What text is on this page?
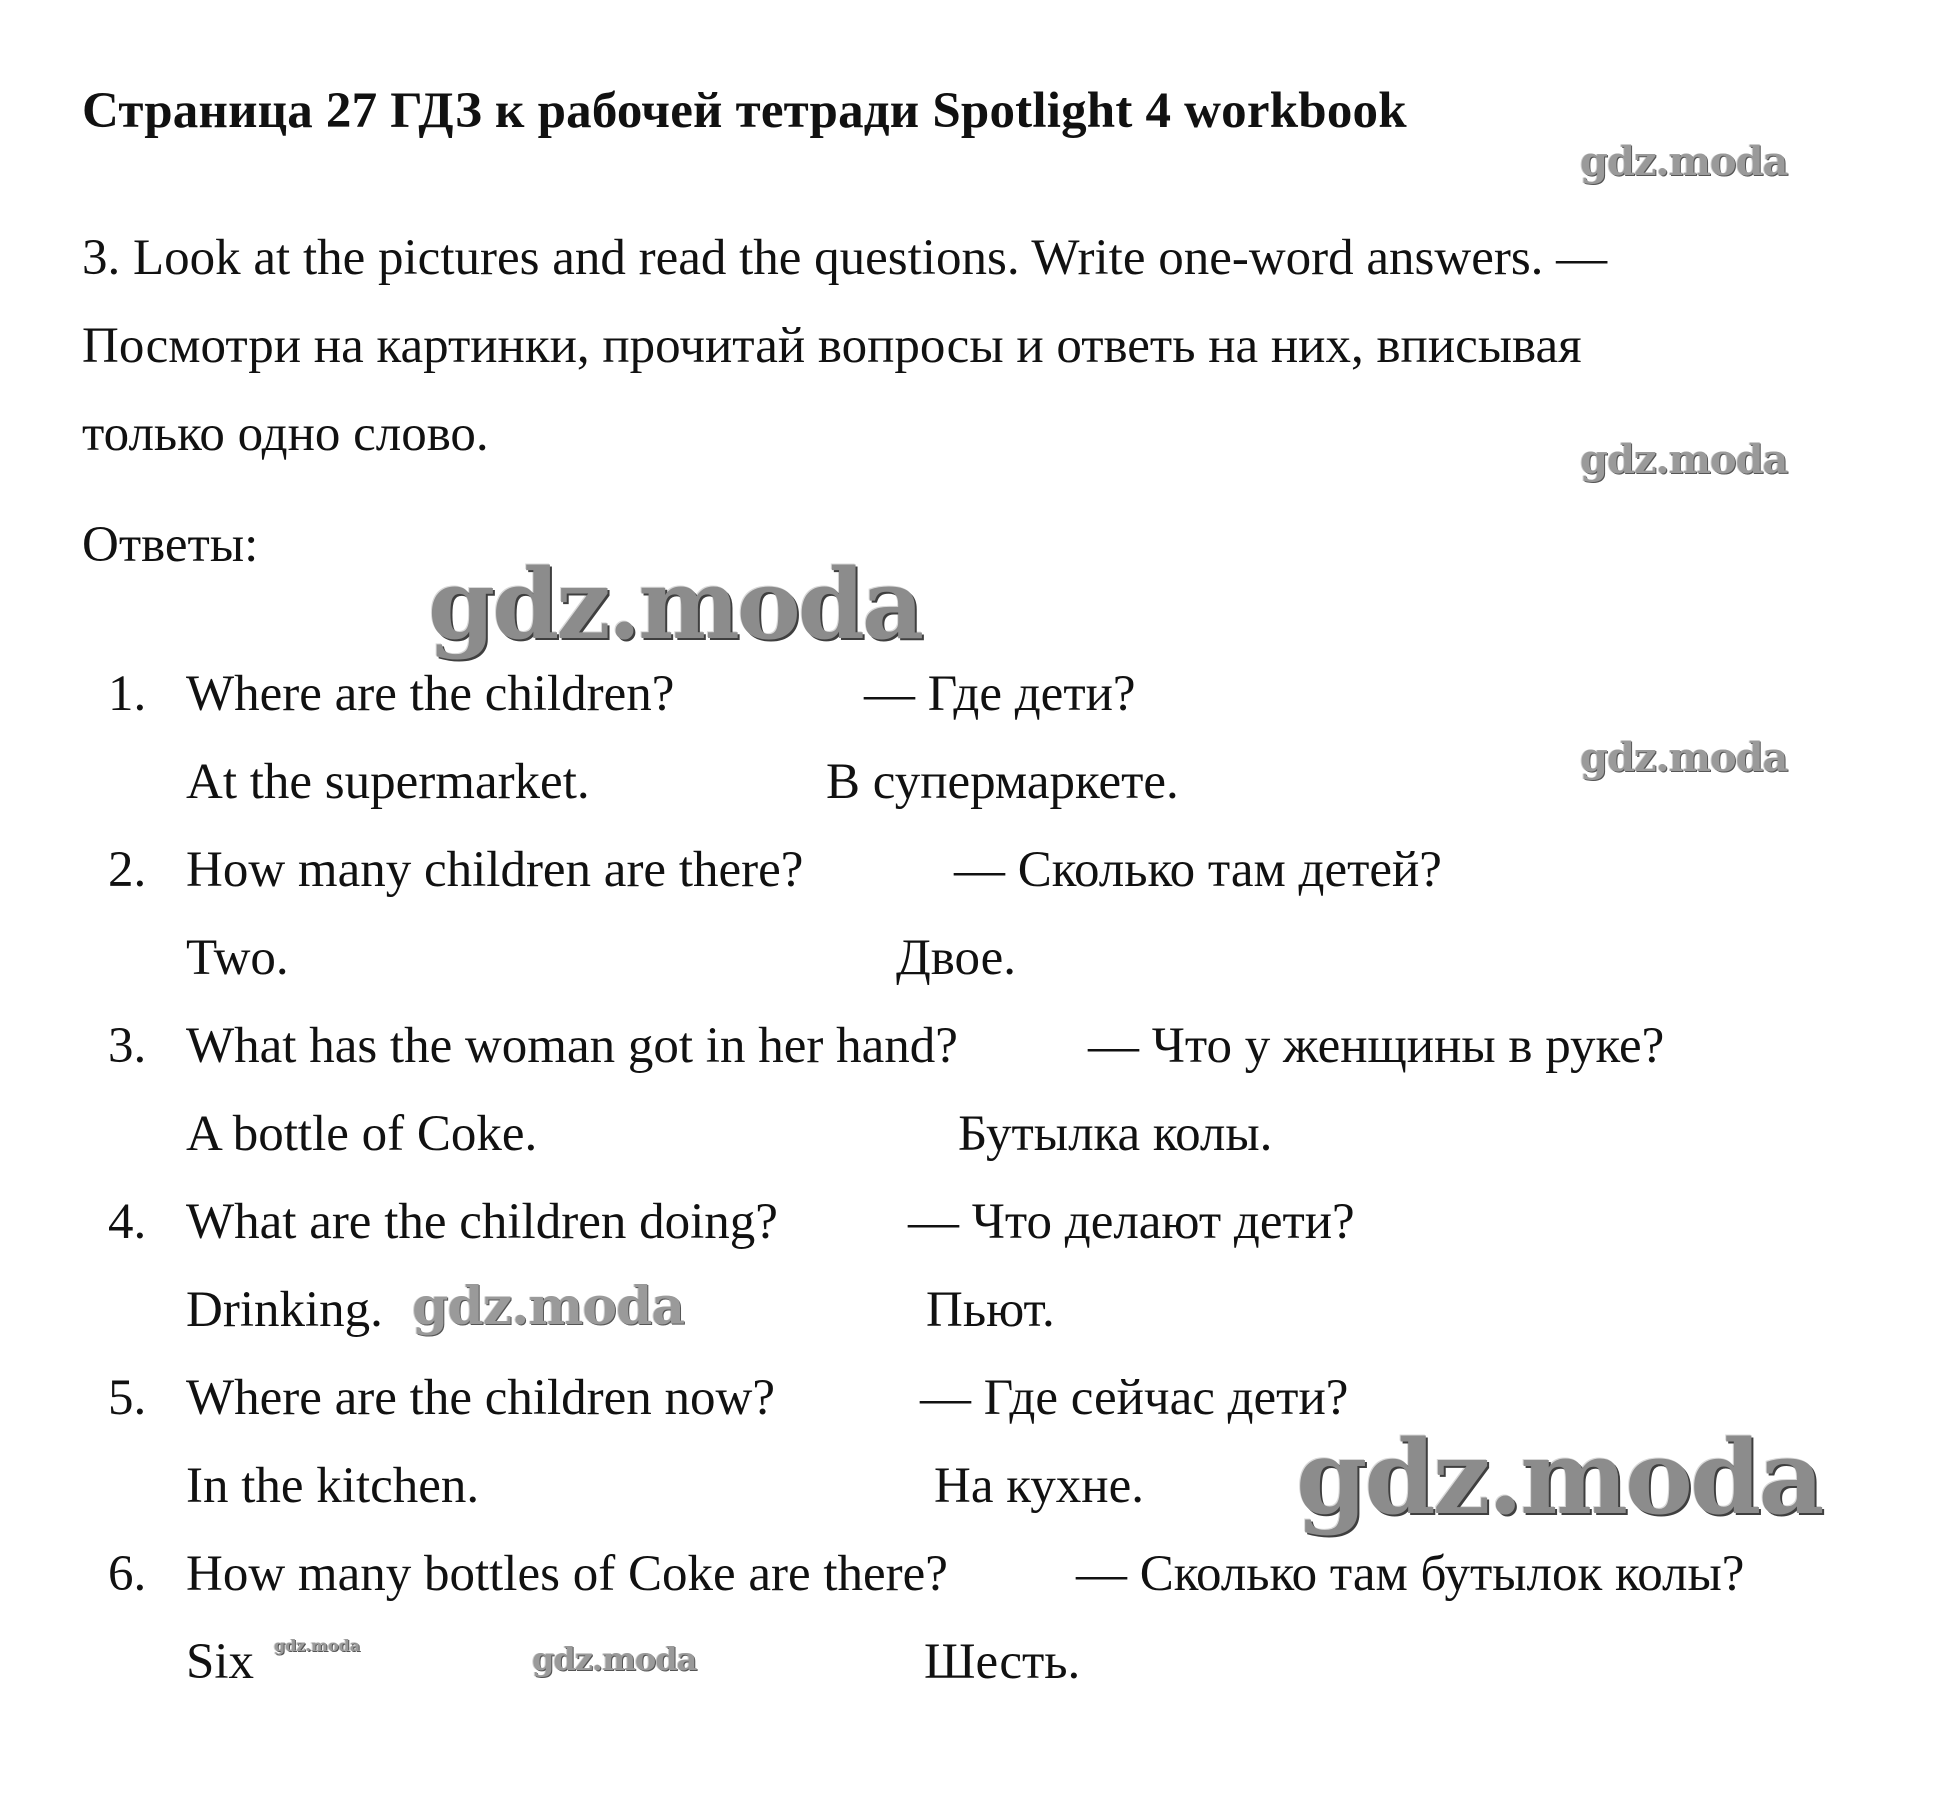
Страница 27 ГДЗ к рабочей тетради Spotlight 4 workbook

3. Look at the pictures and read the questions. Write one-word answers. —

Посмотри на картинки, прочитай вопросы и ответь на них, вписывая

только одно слово.

Ответы:
1. Where are the children?	— Где дети?
At the supermarket.	В супермаркете.
2. How many children are there?	— Сколько там детей?
Two.	Двое.
3. What has the woman got in her hand?	— Что у женщины в руке?
A bottle of Coke.	Бутылка колы.
4. What are the children doing?	— Что делают дети?
Drinking.	Пьют.
5. Where are the children now?	— Где сейчас дети?
In the kitchen.	На кухне.
6. How many bottles of Coke are there?	— Сколько там бутылок колы?
Six	Шесть.
gdz.moda
gdz.moda
gdz.moda
gdz.moda
gdz.moda
gdz.moda
gdz.moda	gdz.moda
